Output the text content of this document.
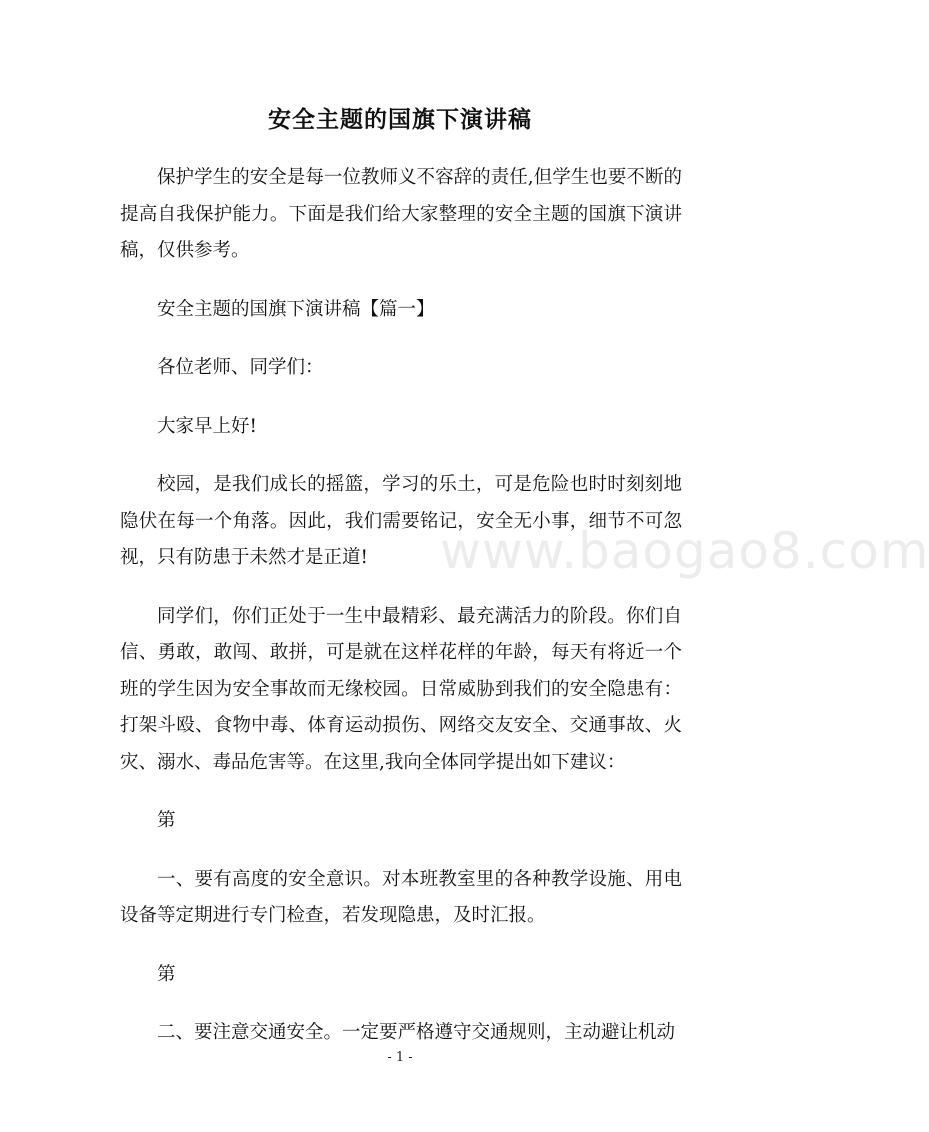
安全主题的国旗下演讲稿

保护学生的安全是每一位教师义不容辞的责任,但学生也要不断的提高自我保护能力。下面是我们给大家整理的安全主题的国旗下演讲稿，仅供参考。

安全主题的国旗下演讲稿【篇一】

各位老师、同学们：

大家早上好!

校园，是我们成长的摇篮，学习的乐土，可是危险也时时刻刻地隐伏在每一个角落。因此，我们需要铭记，安全无小事，细节不可忽视，只有防患于未然才是正道!

同学们，你们正处于一生中最精彩、最充满活力的阶段。你们自信、勇敢，敢闯、敢拼，可是就在这样花样的年龄，每天有将近一个班的学生因为安全事故而无缘校园。日常威胁到我们的安全隐患有：打架斗殴、食物中毒、体育运动损伤、网络交友安全、交通事故、火灾、溺水、毒品危害等。在这里,我向全体同学提出如下建议：

第

一、要有高度的安全意识。对本班教室里的各种教学设施、用电设备等定期进行专门检查，若发现隐患，及时汇报。

第

二、要注意交通安全。一定要严格遵守交通规则，主动避让机动

www.baogao8.com
- 1 -
